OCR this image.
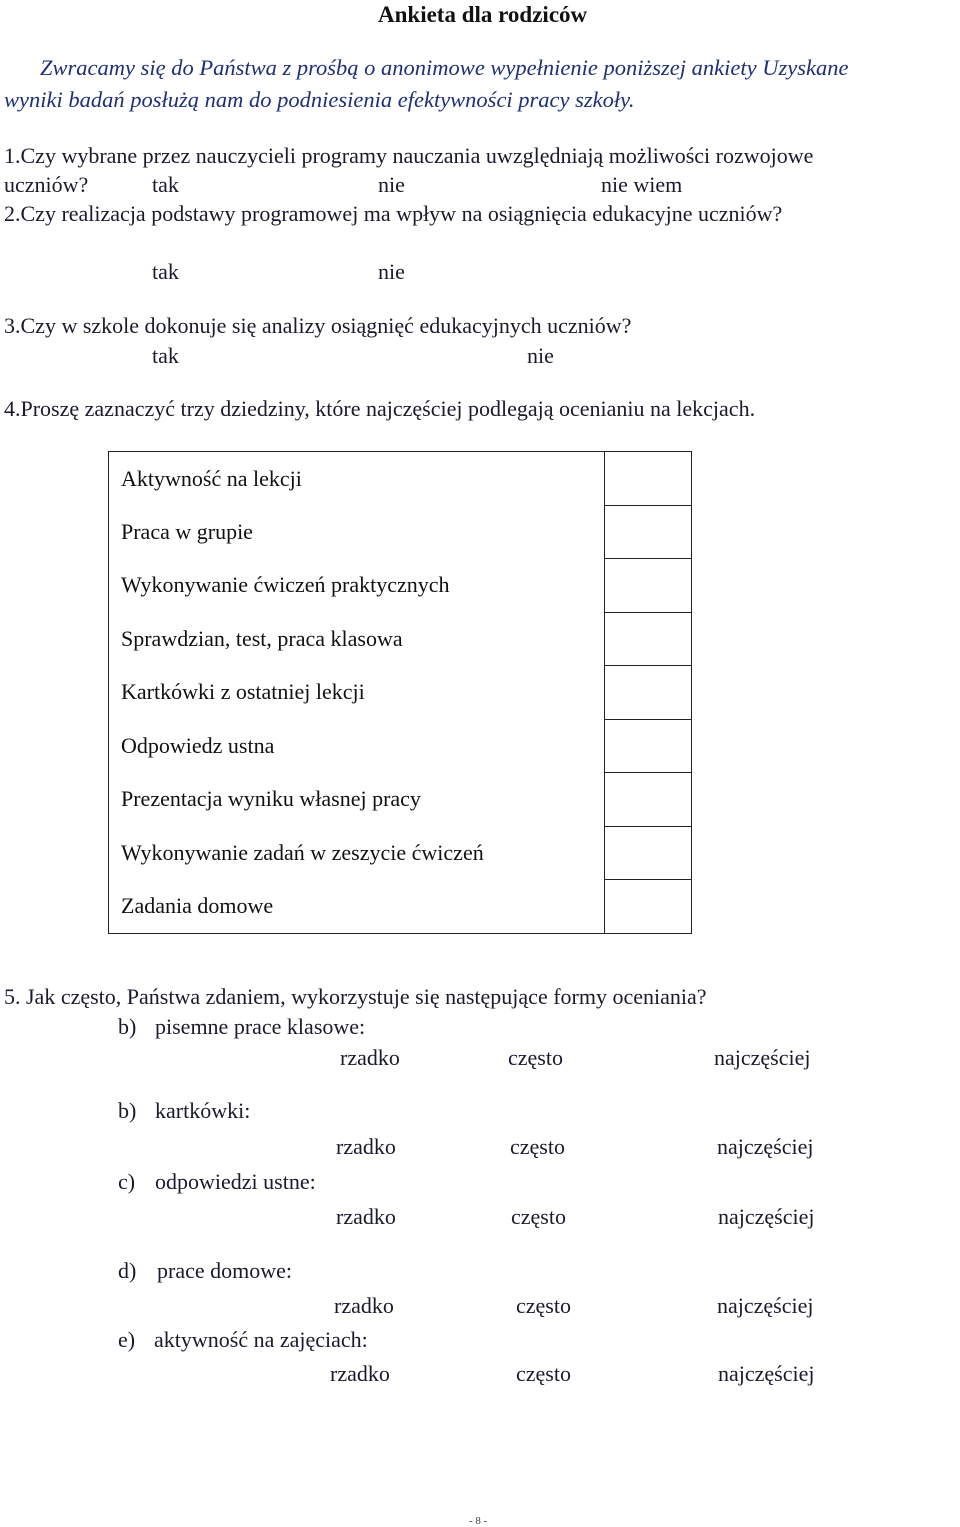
Ankieta dla rodziców
Zwracamy się do Państwa z prośbą o anonimowe wypełnienie poniższej ankiety Uzyskane
wyniki badań posłużą nam do podniesienia efektywności pracy szkoły.
1.Czy wybrane przez nauczycieli programy nauczania uwzględniają możliwości rozwojowe
uczniów?	tak	nie	nie wiem
2.Czy realizacja podstawy programowej ma wpływ na osiągnięcia edukacyjne uczniów?
tak	nie
3.Czy w szkole dokonuje się analizy osiągnięć edukacyjnych uczniów?
tak	nie
4.Proszę zaznaczyć trzy dziedziny, które najczęściej podlegają ocenianiu na lekcjach.
Aktywność na lekcji	
Praca w grupie	
Wykonywanie ćwiczeń praktycznych	
Sprawdzian, test, praca klasowa	
Kartkówki z ostatniej lekcji	
Odpowiedz ustna	
Prezentacja wyniku własnej pracy	
Wykonywanie zadań w zeszycie ćwiczeń	
Zadania domowe	
5. Jak często, Państwa zdaniem, wykorzystuje się następujące formy oceniania?
b) pisemne prace klasowe:
rzadko	często	najczęściej
b) kartkówki:
rzadko	często	najczęściej
c) odpowiedzi ustne:
rzadko	często	najczęściej
d) prace domowe:
rzadko	często	najczęściej
e) aktywność na zajęciach:
rzadko	często	najczęściej
- 8 -
